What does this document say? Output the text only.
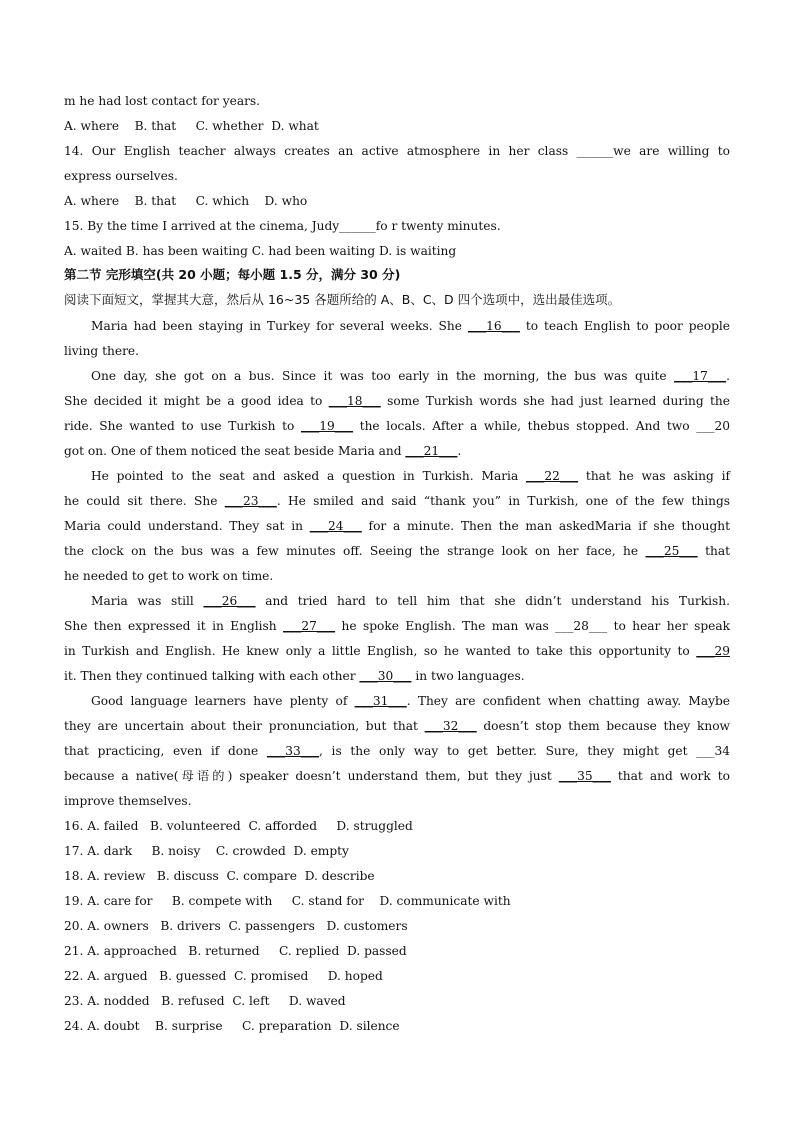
m he had lost contact for years.
A. where    B. that     C. whether  D. what
14. Our English teacher always creates an active atmosphere in her class ______we are willing to
express ourselves.
A. where    B. that     C. which    D. who
15. By the time I arrived at the cinema, Judy______fo r twenty minutes.
A. waited B. has been waiting C. had been waiting D. is waiting
第二节 完形填空(共 20 小题；每小题 1.5 分，满分 30 分)
阅读下面短文，掌握其大意，然后从 16~35 各题所给的 A、B、C、D 四个选项中，选出最佳选项。
Maria had been staying in Turkey for several weeks. She ___16___ to teach English to poor people
living there.
One day, she got on a bus. Since it was too early in the morning, the bus was quite ___17___.
She decided it might be a good idea to ___18___ some Turkish words she had just learned during the
ride. She wanted to use Turkish to ___19___ the locals. After a while, thebus stopped. And two ___20
got on. One of them noticed the seat beside Maria and ___21___.
He pointed to the seat and asked a question in Turkish. Maria ___22___ that he was asking if
he could sit there. She ___23___. He smiled and said “thank you” in Turkish, one of the few things
Maria could understand. They sat in ___24___ for a minute. Then the man askedMaria if she thought
the clock on the bus was a few minutes off. Seeing the strange look on her face, he ___25___ that
he needed to get to work on time.
Maria was still ___26___ and tried hard to tell him that she didn’t understand his Turkish.
She then expressed it in English ___27___ he spoke English. The man was ___28___ to hear her speak
in Turkish and English. He knew only a little English, so he wanted to take this opportunity to ___29
it. Then they continued talking with each other ___30___ in two languages.
Good language learners have plenty of ___31___. They are confident when chatting away. Maybe
they are uncertain about their pronunciation, but that ___32___ doesn’t stop them because they know
that practicing, even if done ___33___, is the only way to get better. Sure, they might get ___34
because a native(母语的) speaker doesn’t understand them, but they just ___35___ that and work to
improve themselves.
16. A. failed   B. volunteered  C. afforded     D. struggled
17. A. dark     B. noisy    C. crowded  D. empty
18. A. review   B. discuss  C. compare  D. describe
19. A. care for     B. compete with     C. stand for    D. communicate with
20. A. owners   B. drivers  C. passengers   D. customers
21. A. approached   B. returned     C. replied  D. passed
22. A. argued   B. guessed  C. promised     D. hoped
23. A. nodded   B. refused  C. left     D. waved
24. A. doubt    B. surprise     C. preparation  D. silence
